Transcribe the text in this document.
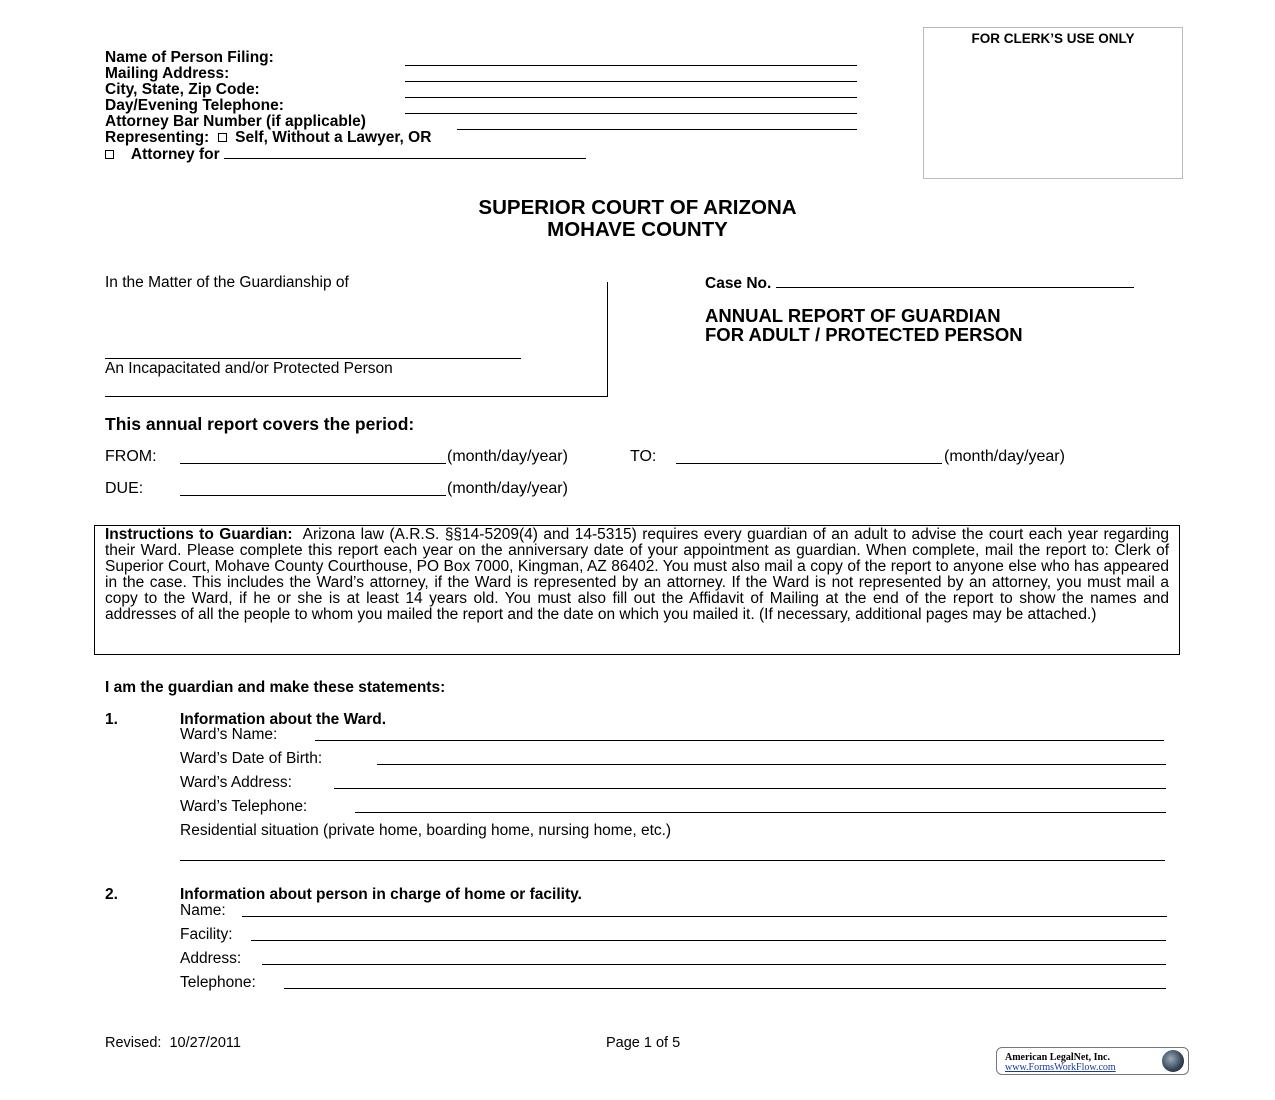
FOR CLERK’S USE ONLY
Name of Person Filing:
Mailing Address:
City, State, Zip Code:
Day/Evening Telephone:
Attorney Bar Number (if applicable)
Representing: Self, Without a Lawyer, OR
Attorney for
SUPERIOR COURT OF ARIZONA
MOHAVE COUNTY
In the Matter of the Guardianship of
An Incapacitated and/or Protected Person
Case No.
ANNUAL REPORT OF GUARDIAN
FOR ADULT / PROTECTED PERSON
This annual report covers the period:
FROM:	(month/day/year)	TO:	(month/day/year)
DUE:	(month/day/year)
Instructions to Guardian: Arizona law (A.R.S. §§14-5209(4) and 14-5315) requires every guardian of an adult to advise the court each year regarding their Ward. Please complete this report each year on the anniversary date of your appointment as guardian. When complete, mail the report to: Clerk of Superior Court, Mohave County Courthouse, PO Box 7000, Kingman, AZ 86402. You must also mail a copy of the report to anyone else who has appeared in the case. This includes the Ward’s attorney, if the Ward is represented by an attorney. If the Ward is not represented by an attorney, you must mail a copy to the Ward, if he or she is at least 14 years old. You must also fill out the Affidavit of Mailing at the end of the report to show the names and addresses of all the people to whom you mailed the report and the date on which you mailed it. (If necessary, additional pages may be attached.)
I am the guardian and make these statements:
1.	Information about the Ward.
Ward’s Name:
Ward’s Date of Birth:
Ward’s Address:
Ward’s Telephone:
Residential situation (private home, boarding home, nursing home, etc.)
2.	Information about person in charge of home or facility.
Name:
Facility:
Address:
Telephone:
Revised: 10/27/2011	Page 1 of 5
American LegalNet, Inc.
www.FormsWorkFlow.com
